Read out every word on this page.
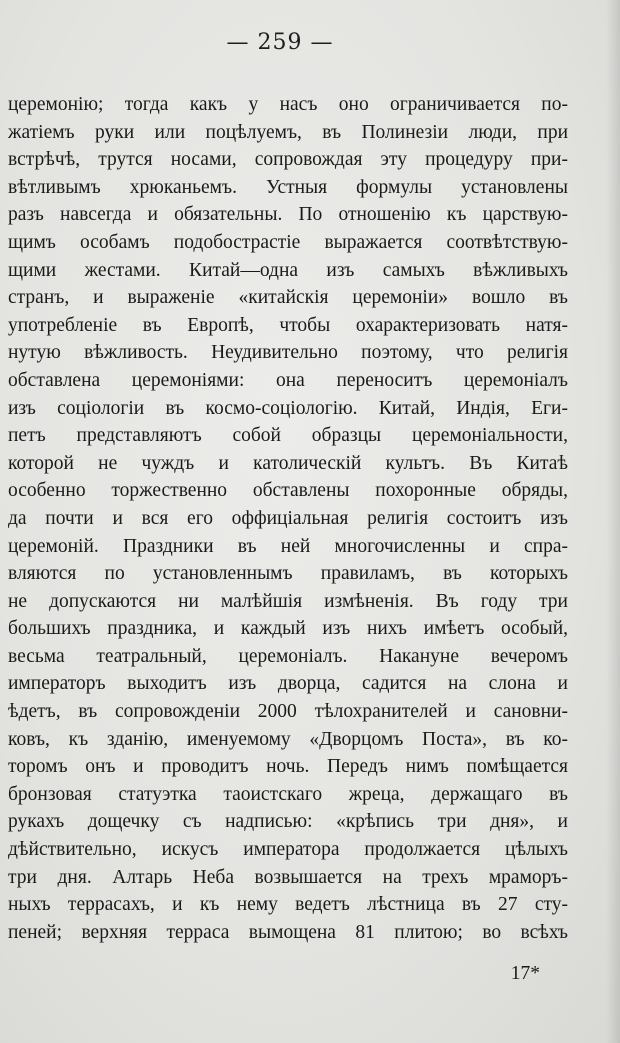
— 259 —
церемонію; тогда какъ у насъ оно ограничивается по-
жатіемъ руки или поцѣлуемъ, въ Полинезіи люди, при
встрѣчѣ, трутся носами, сопровождая эту процедуру при-
вѣтливымъ хрюканьемъ. Устныя формулы установлены
разъ навсегда и обязательны. По отношенію къ царствую-
щимъ особамъ подобострастіе выражается соотвѣтствую-
щими жестами. Китай—одна изъ самыхъ вѣжливыхъ
странъ, и выраженіе «китайскія церемоніи» вошло въ
употребленіе въ Европѣ, чтобы охарактеризовать натя-
нутую вѣжливость. Неудивительно поэтому, что религія
обставлена церемоніями: она переноситъ церемоніалъ
изъ соціологіи въ космо-соціологію. Китай, Индія, Еги-
петъ представляютъ собой образцы церемоніальности,
которой не чуждъ и католическій культъ. Въ Китаѣ
особенно торжественно обставлены похоронные обряды,
да почти и вся его оффиціальная религія состоитъ изъ
церемоній. Праздники въ ней многочисленны и спра-
вляются по установленнымъ правиламъ, въ которыхъ
не допускаются ни малѣйшія измѣненія. Въ году три
большихъ праздника, и каждый изъ нихъ имѣетъ особый,
весьма театральный, церемоніалъ. Накануне вечеромъ
императоръ выходитъ изъ дворца, садится на слона и
ѣдетъ, въ сопровожденіи 2000 тѣлохранителей и сановни-
ковъ, къ зданію, именуемому «Дворцомъ Поста», въ ко-
торомъ онъ и проводитъ ночь. Передъ нимъ помѣщается
бронзовая статуэтка таоистскаго жреца, держащаго въ
рукахъ дощечку съ надписью: «крѣпись три дня», и
дѣйствительно, искусъ императора продолжается цѣлыхъ
три дня. Алтарь Неба возвышается на трехъ мраморъ-
ныхъ террасахъ, и къ нему ведетъ лѣстница въ 27 сту-
пеней; верхняя терраса вымощена 81 плитою; во всѣхъ
17*
